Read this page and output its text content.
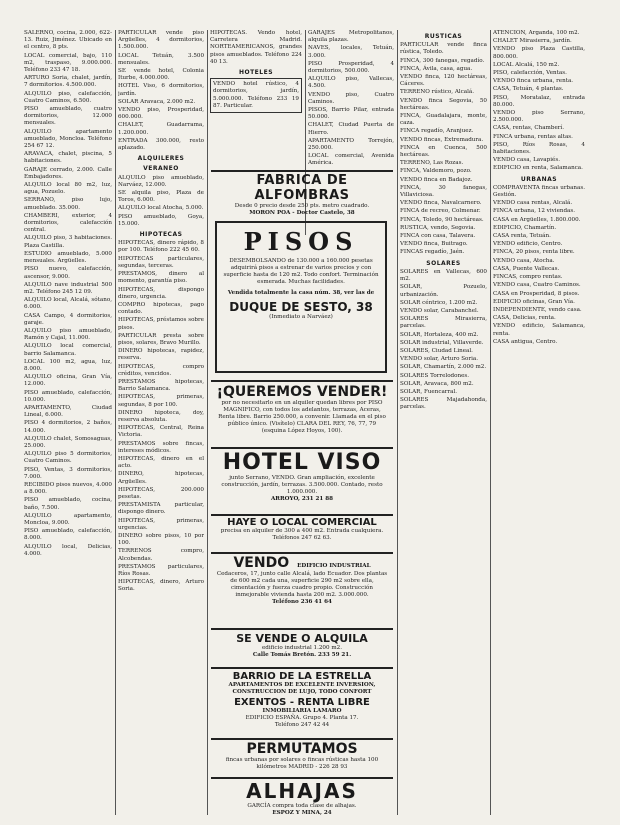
SALERNO, cocina, 2.000, 622-13. Ruiz, Jiménez. Ubicado en el centro, 8 pts.

LOCAL comercial, bajo, 110 m2, traspaso, 9.000.000. Teléfono 233 47 18.

ARTURO Soria, chalet, jardín, 7 dormitorios. 4.500.000.

ALQUILO piso, calefacción, Cuatro Caminos, 6.500.

PISO amueblado, cuatro dormitorios, 12.000 mensuales.

ALQUILO apartamento amueblado, Moncloa. Teléfono 254 67 12.

ARAVACA, chalet, piscina, 5 habitaciones.

GARAJE cerrado, 2.000. Calle Embajadores.

ALQUILO local 80 m2, luz, agua, Pozuelo.

SERRANO, piso lujo, amueblado. 35.000.

CHAMBERI, exterior, 4 dormitorios, calefacción central.

ALQUILO piso, 3 habitaciones. Plaza Castilla.

ESTUDIO amueblado, 5.000 mensuales. Argüelles.

PISO nuevo, calefacción, ascensor, 9.000.

ALQUILO nave industrial 500 m2. Teléfono 245 12 09.

ALQUILO local, Alcalá, sótano, 6.000.

CASA Campo, 4 dormitorios, garaje.

ALQUILO piso amueblado, Ramón y Cajal, 11.000.

ALQUILO local comercial, barrio Salamanca.

LOCAL 100 m2, agua, luz, 8.000.

ALQUILO oficina, Gran Vía, 12.000.

PISO amueblado, calefacción, 10.000.

APARTAMENTO, Ciudad Lineal, 6.000.

PISO 4 dormitorios, 2 baños, 14.000.

ALQUILO chalet, Somosaguas, 25.000.

ALQUILO piso 5 dormitorios, Cuatro Caminos.

PISO, Ventas, 3 dormitorios, 7.000.

RECIBIDO pisos nuevos, 4.000 a 8.000.

PISO amueblado, cocina, baño, 7.500.

ALQUILO apartamento, Moncloa, 9.000.

PISO amueblado, calefacción, 8.000.

ALQUILO local, Delicias, 4.000.

PARTICULAR vende piso Argüelles, 4 dormitorios, 1.500.000.

LOCAL Tetuán, 3.500 mensuales.

SE vende hotel, Colonia Iturbe, 4.000.000.

HOTEL Viso, 6 dormitorios, jardín.

SOLAR Aravaca, 2.000 m2.

VENDO piso, Prosperidad, 600.000.

CHALET, Guadarrama, 1.200.000.

ENTRADA 300.000, resto aplazado.

ALQUILERES
VERANEO

ALQUILO piso amueblado, Narváez, 12.000.

SE alquila piso, Plaza de Toros, 6.000.

ALQUILO local Atocha, 5.000.

PISO amueblado, Goya, 15.000.

HIPOTECAS

HIPOTECAS, dinero rápido, 8 por 100. Teléfono 222 45 60.

HIPOTECAS particulares, segundas, terceras.

PRESTAMOS, dinero al momento, garantía piso.

HIPOTECAS, dispongo dinero, urgencia.

COMPRO hipotecas, pago contado.

HIPOTECAS, préstamos sobre pisos.

PARTICULAR presta sobre pisos, solares, Bravo Murillo.

DINERO hipotecas, rapidez, reserva.

HIPOTECAS, compro créditos, vencidos.

PRESTAMOS hipotecas, Barrio Salamanca.

HIPOTECAS, primeras, segundas, 8 por 100.

DINERO hipoteca, doy, reserva absoluta.

HIPOTECAS, Central, Reina Victoria.

PRESTAMOS sobre fincas, intereses módicos.

HIPOTECAS, dinero en el acto.

DINERO, hipotecas, Argüelles.

HIPOTECAS, 200.000 pesetas.

PRESTAMISTA particular, dispongo dinero.

HIPOTECAS, primeras, urgencias.

DINERO sobre pisos, 10 por 100.

TERRENOS compro, Alcobendas.

PRESTAMOS particulares, Ríos Rosas.

HIPOTECAS, dinero, Arturo Soria.

HIPOTECAS. Vendo hotel, Carretera Madrid. NORTEAMERICANOS, grandes pisos amueblados. Teléfono 224 40 13.

HOTELES

VENDO hotel rústico, 4 dormitorios, jardín, 5.000.000. Teléfono 233 19 87. Particular.

GARAJES Metropolitanos, alquila plazas.

NAVES, locales, Tetuán, 3.000.

PISO Prosperidad, 4 dormitorios, 500.000.

ALQUILO piso, Vallecas, 4.500.

VENDO piso, Cuatro Caminos.

PISOS, Barrio Pilar, entrada 50.000.

CHALET, Ciudad Puerta de Hierro.

APARTAMENTO Torrejón, 250.000.

LOCAL comercial, Avenida América.

FABRICA DE ALFOMBRAS
Desde 0 precio desde 250 pts. metro cuadrado.
MORON POA - Doctor Castelo, 38
PISOS
DESEMBOLSANDO de 130.000 a 160.000 pesetas adquirirá pisos a estrenar de varios precios y con superficie hasta de 120 m2. Todo confort. Terminación esmerada. Muchas facilidades.
Vendida totalmente la casa núm. 38, ver las de
DUQUE DE SESTO, 38
(Inmediato a Narváez)
¡QUEREMOS VENDER!
por no necesitarlo en un alquiler quedan libres por PISO MAGNIFICO, con todos los adelantos, terrazas, Aceras, Renta libre. Barrio 250.000, a convenir. Llamada en el piso público único. (Visítelo) CLARA DEL REY, 76, 77, 79 (esquina López Hoyos, 100).
HOTEL VISO
junto Serrano, VENDO. Gran ampliación, excelente construcción, jardín, terrazas. 3.500.000. Contado, resto 1.000.000.
ARROYO, 231 21 88
HAYE O LOCAL COMERCIAL
precisa en alquiler de 300 a 400 m2. Entrada cualquiera. Teléfonos 247 62 63.
VENDO EDIFICIO INDUSTRIAL
Cedaceros, 17, junto calle Alcalá, lado Ecuador. Dos plantas de 600 m2 cada una, superficie 290 m2 sobre ella, cimentación y fuerza cuadro propio. Construcción inmejorable vivienda hasta 200 m2. 3.000.000.
Teléfono 236 41 64
SE VENDE O ALQUILA
edificio industrial 1.200 m2.
Calle Tomás Bretón. 233 59 21.
BARRIO DE LA ESTRELLA
APARTAMENTOS DE EXCELENTE INVERSION, CONSTRUCCION DE LUJO, TODO CONFORT
EXENTOS - RENTA LIBRE
INMOBILIARIA LAMARO
EDIFICIO ESPAÑA. Grupo 4. Planta 17.
Teléfono 247 42 44
PERMUTAMOS
fincas urbanas por solares o fincas rústicas hasta 100 kilómetros MADRID - 226 28 93
ALHAJAS
GARCÍA compra toda clase de alhajas.
ESPOZ Y MINA, 24
RUSTICAS

PARTICULAR vende finca rústica, Toledo.

FINCA, 300 fanegas, regadío.

FINCA, Ávila, casa, agua.

VENDO finca, 120 hectáreas, Cáceres.

TERRENO rústico, Alcalá.

VENDO finca Segovia, 50 hectáreas.

FINCA, Guadalajara, monte, caza.

FINCA regadío, Aranjuez.

VENDO fincas, Extremadura.

FINCA en Cuenca, 500 hectáreas.

TERRENO, Las Rozas.

FINCA, Valdemoro, pozo.

VENDO finca en Badajoz.

FINCA, 30 fanegas, Villaviciosa.

VENDO finca, Navalcarnero.

FINCA de recreo, Colmenar.

FINCA, Toledo, 90 hectáreas.

RUSTICA, vendo, Segovia.

FINCA con casa, Talavera.

VENDO finca, Buitrago.

FINCAS regadío, Jaén.

SOLARES

SOLARES en Vallecas, 600 m2.

SOLAR, Pozuelo, urbanización.

SOLAR céntrico, 1.200 m2.

VENDO solar, Carabanchel.

SOLARES Mirasierra, parcelas.

SOLAR, Hortaleza, 400 m2.

SOLAR industrial, Villaverde.

SOLARES, Ciudad Lineal.

VENDO solar, Arturo Soria.

SOLAR, Chamartín, 2.000 m2.

SOLARES Torrelodones.

SOLAR, Aravaca, 800 m2.

SOLAR, Fuencarral.

SOLARES Majadahonda, parcelas.

ATENCION, Arganda, 100 m2.

CHALET Mirasierra, jardín.

VENDO piso Plaza Castilla, 800.000.

LOCAL Alcalá, 150 m2.

PISO, calefacción, Ventas.

VENDO finca urbana, renta.

CASA, Tetuán, 4 plantas.

PISO, Moratalaz, entrada 80.000.

VENDO piso Serrano, 2.500.000.

CASA, rentas, Chamberí.

FINCA urbana, rentas altas.

PISO, Ríos Rosas, 4 habitaciones.

VENDO casa, Lavapiés.

EDIFICIO en renta, Salamanca.

URBANAS

COMPRAVENTA fincas urbanas. Gestión.

VENDO casa rentas, Alcalá.

FINCA urbana, 12 viviendas.

CASA en Argüelles, 1.800.000.

EDIFICIO, Chamartín.

CASA renta, Tetuán.

VENDO edificio, Centro.

FINCA, 20 pisos, renta libre.

VENDO casa, Atocha.

CASA, Puente Vallecas.

FINCAS, compro rentas.

VENDO casa, Cuatro Caminos.

CASA en Prosperidad, 8 pisos.

EDIFICIO oficinas, Gran Vía.

INDEPENDIENTE, vendo casa.

CASA, Delicias, renta.

VENDO edificio, Salamanca, renta.

CASA antigua, Centro.
